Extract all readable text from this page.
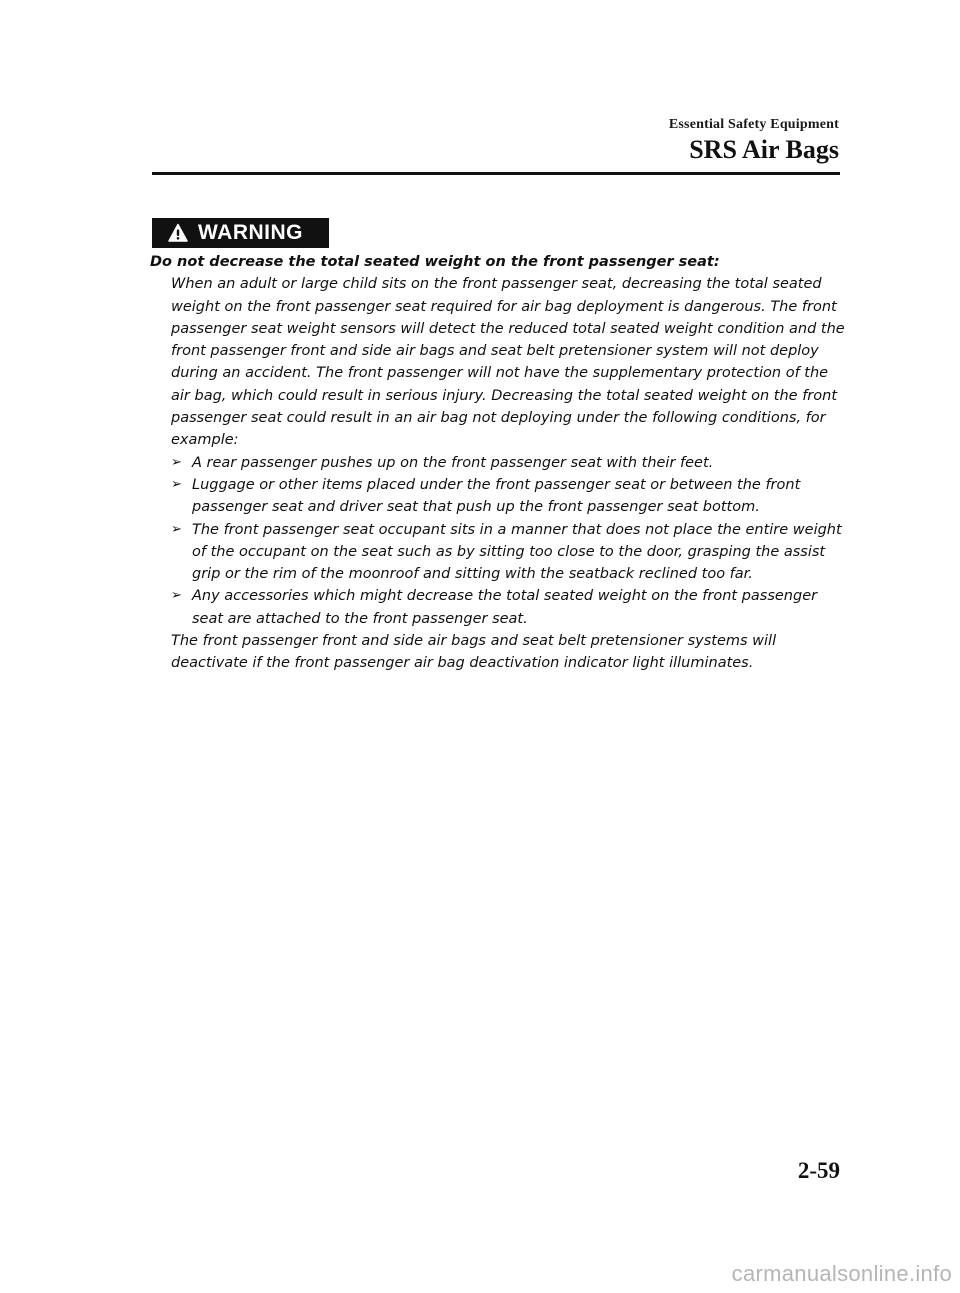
Essential Safety Equipment
SRS Air Bags
WARNING

Do not decrease the total seated weight on the front passenger seat:

When an adult or large child sits on the front passenger seat, decreasing the total seated weight on the front passenger seat required for air bag deployment is dangerous. The front passenger seat weight sensors will detect the reduced total seated weight condition and the front passenger front and side air bags and seat belt pretensioner system will not deploy during an accident. The front passenger will not have the supplementary protection of the air bag, which could result in serious injury. Decreasing the total seated weight on the front passenger seat could result in an air bag not deploying under the following conditions, for example:

➢ A rear passenger pushes up on the front passenger seat with their feet.
➢ Luggage or other items placed under the front passenger seat or between the front passenger seat and driver seat that push up the front passenger seat bottom.
➢ The front passenger seat occupant sits in a manner that does not place the entire weight of the occupant on the seat such as by sitting too close to the door, grasping the assist grip or the rim of the moonroof and sitting with the seatback reclined too far.
➢ Any accessories which might decrease the total seated weight on the front passenger seat are attached to the front passenger seat.

The front passenger front and side air bags and seat belt pretensioner systems will deactivate if the front passenger air bag deactivation indicator light illuminates.

2-59
carmanualsonline.info
